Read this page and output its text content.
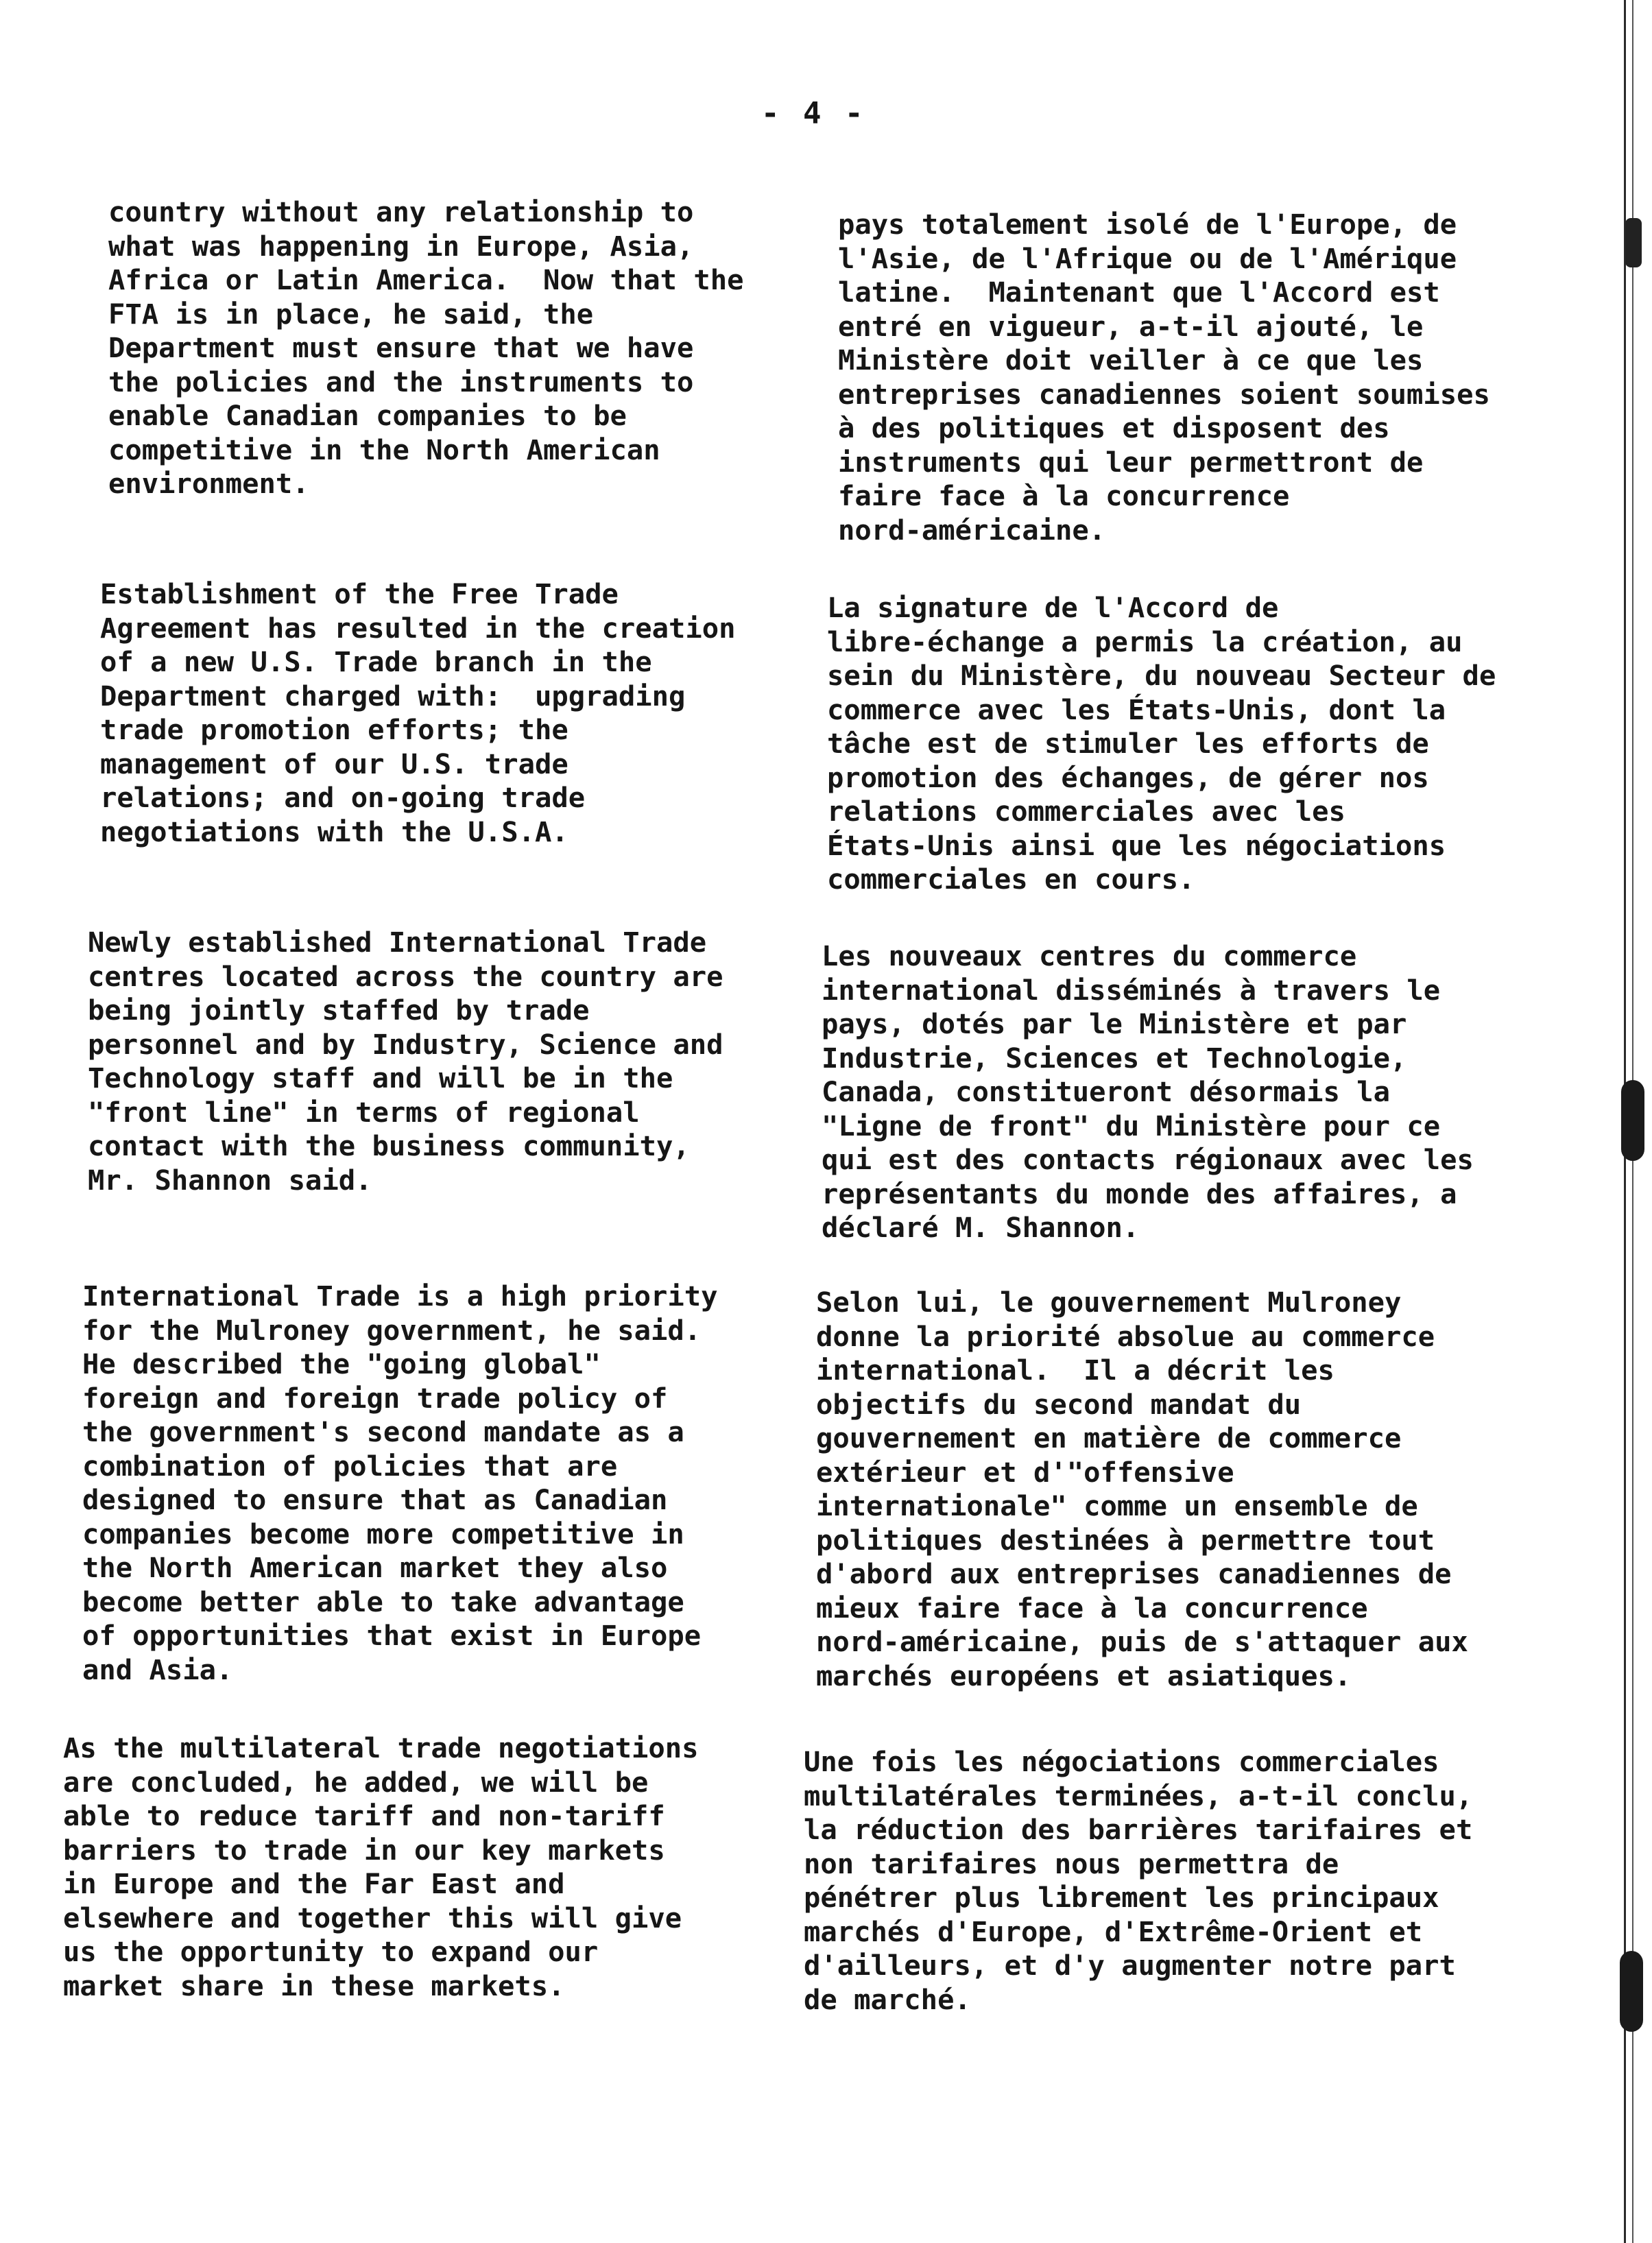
- 4 -

country without any relationship to
what was happening in Europe, Asia,
Africa or Latin America.  Now that the
FTA is in place, he said, the
Department must ensure that we have
the policies and the instruments to
enable Canadian companies to be
competitive in the North American
environment.

Establishment of the Free Trade
Agreement has resulted in the creation
of a new U.S. Trade branch in the
Department charged with:  upgrading
trade promotion efforts; the
management of our U.S. trade
relations; and on-going trade
negotiations with the U.S.A.

Newly established International Trade
centres located across the country are
being jointly staffed by trade
personnel and by Industry, Science and
Technology staff and will be in the
"front line" in terms of regional
contact with the business community,
Mr. Shannon said.

International Trade is a high priority
for the Mulroney government, he said.
He described the "going global"
foreign and foreign trade policy of
the government's second mandate as a
combination of policies that are
designed to ensure that as Canadian
companies become more competitive in
the North American market they also
become better able to take advantage
of opportunities that exist in Europe
and Asia.

As the multilateral trade negotiations
are concluded, he added, we will be
able to reduce tariff and non-tariff
barriers to trade in our key markets
in Europe and the Far East and
elsewhere and together this will give
us the opportunity to expand our
market share in these markets.

pays totalement isolé de l'Europe, de
l'Asie, de l'Afrique ou de l'Amérique
latine.  Maintenant que l'Accord est
entré en vigueur, a-t-il ajouté, le
Ministère doit veiller à ce que les
entreprises canadiennes soient soumises
à des politiques et disposent des
instruments qui leur permettront de
faire face à la concurrence
nord-américaine.

La signature de l'Accord de
libre-échange a permis la création, au
sein du Ministère, du nouveau Secteur de
commerce avec les États-Unis, dont la
tâche est de stimuler les efforts de
promotion des échanges, de gérer nos
relations commerciales avec les
États-Unis ainsi que les négociations
commerciales en cours.

Les nouveaux centres du commerce
international disséminés à travers le
pays, dotés par le Ministère et par
Industrie, Sciences et Technologie,
Canada, constitueront désormais la
"Ligne de front" du Ministère pour ce
qui est des contacts régionaux avec les
représentants du monde des affaires, a
déclaré M. Shannon.

Selon lui, le gouvernement Mulroney
donne la priorité absolue au commerce
international.  Il a décrit les
objectifs du second mandat du
gouvernement en matière de commerce
extérieur et d'"offensive
internationale" comme un ensemble de
politiques destinées à permettre tout
d'abord aux entreprises canadiennes de
mieux faire face à la concurrence
nord-américaine, puis de s'attaquer aux
marchés européens et asiatiques.

Une fois les négociations commerciales
multilatérales terminées, a-t-il conclu,
la réduction des barrières tarifaires et
non tarifaires nous permettra de
pénétrer plus librement les principaux
marchés d'Europe, d'Extrême-Orient et
d'ailleurs, et d'y augmenter notre part
de marché.
